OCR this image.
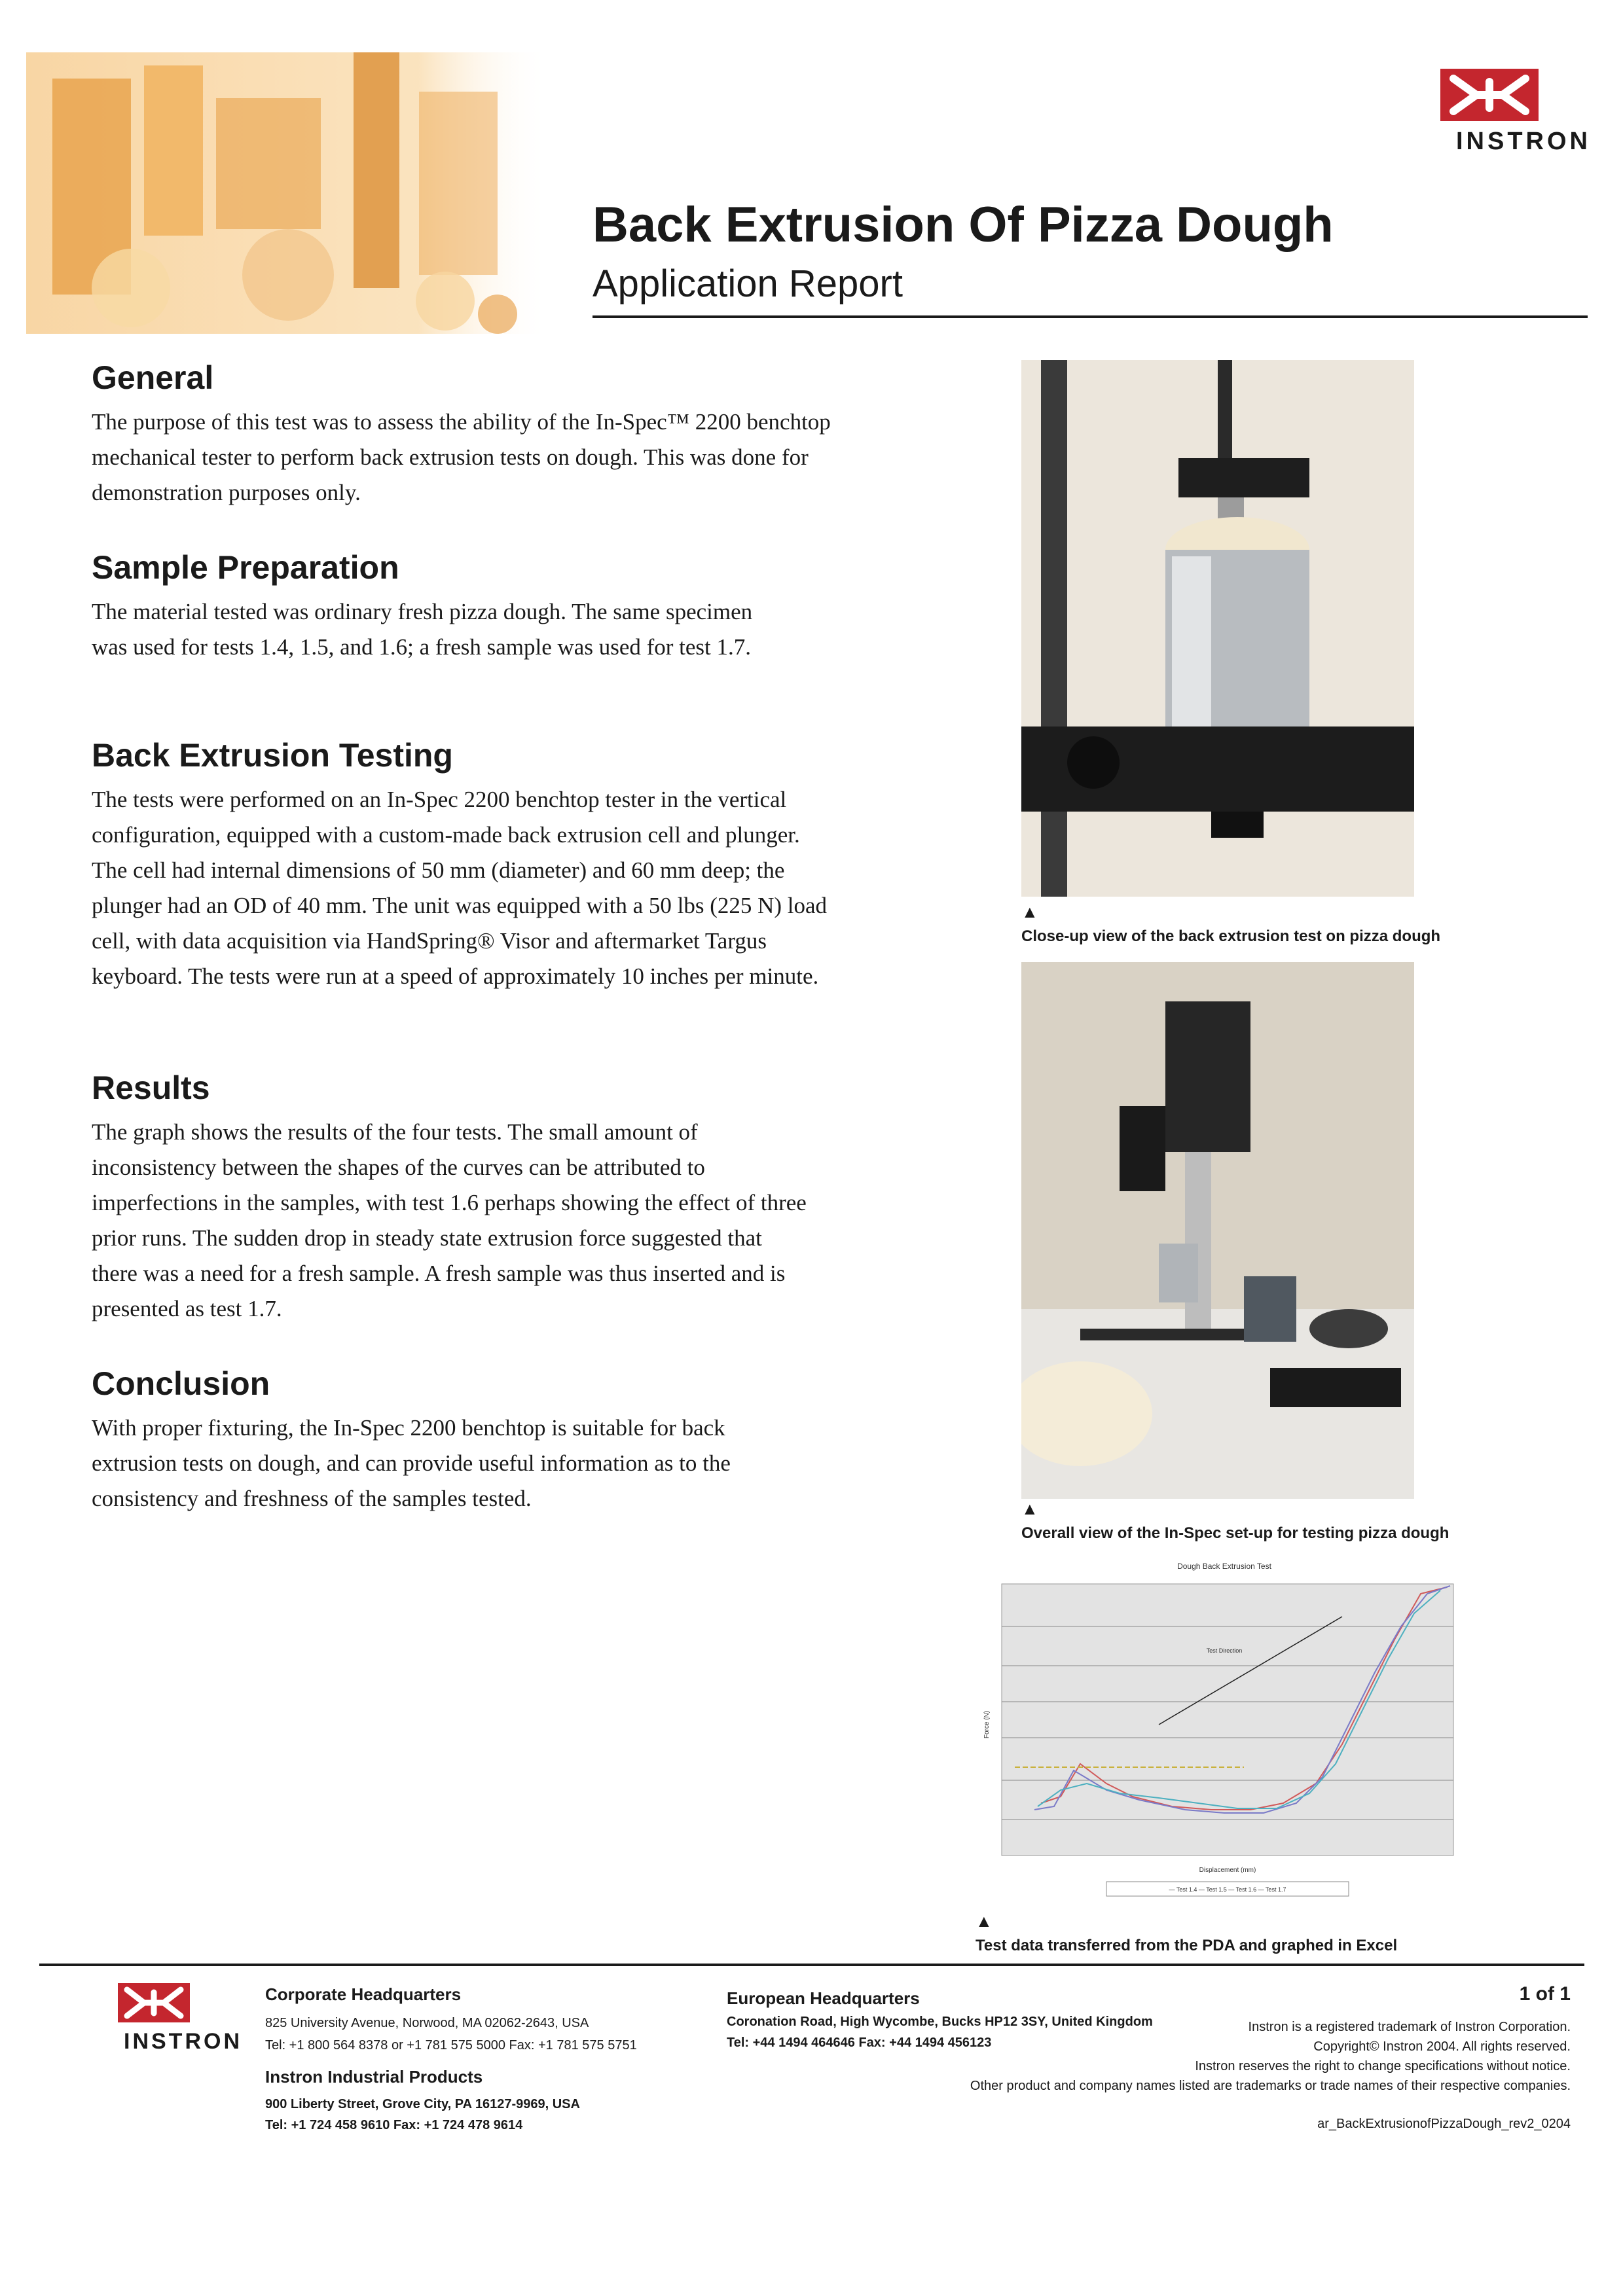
INSTRON
Back Extrusion Of Pizza Dough
Application Report
General
The purpose of this test was to assess the ability of the In-Spec™ 2200 benchtop mechanical tester to perform back extrusion tests on dough. This was done for demonstration purposes only.
Sample Preparation
The material tested was ordinary fresh pizza dough. The same specimen was used for tests 1.4, 1.5, and 1.6; a fresh sample was used for test 1.7.
Back Extrusion Testing
The tests were performed on an In-Spec 2200 benchtop tester in the vertical configuration, equipped with a custom-made back extrusion cell and plunger. The cell had internal dimensions of 50 mm (diameter) and 60 mm deep; the plunger had an OD of 40 mm. The unit was equipped with a 50 lbs (225 N) load cell, with data acquisition via HandSpring® Visor and aftermarket Targus keyboard. The tests were run at a speed of approximately 10 inches per minute.
Results
The graph shows the results of the four tests. The small amount of inconsistency between the shapes of the curves can be attributed to imperfections in the samples, with test 1.6 perhaps showing the effect of three prior runs. The sudden drop in steady state extrusion force suggested that there was a need for a fresh sample. A fresh sample was thus inserted and is presented as test 1.7.
Conclusion
With proper fixturing, the In-Spec 2200 benchtop is suitable for back extrusion tests on dough, and can provide useful information as to the consistency and freshness of the samples tested.
▲
Close-up view of the back extrusion test on pizza dough
▲
Overall view of the In-Spec set-up for testing pizza dough
Dough Back Extrusion Test
Force (N)
Displacement (mm)
Test Direction
— Test 1.4 — Test 1.5 — Test 1.6 — Test 1.7
▲
Test data transferred from the PDA and graphed in Excel
INSTRON
Corporate Headquarters
825 University Avenue, Norwood, MA 02062-2643, USA
Tel: +1 800 564 8378 or +1 781 575 5000 Fax: +1 781 575 5751
Instron Industrial Products
900 Liberty Street, Grove City, PA 16127-9969, USA
Tel: +1 724 458 9610 Fax: +1 724 478 9614
European Headquarters
Coronation Road, High Wycombe, Bucks HP12 3SY, United Kingdom
Tel: +44 1494 464646 Fax: +44 1494 456123
1 of 1
Instron is a registered trademark of Instron Corporation.
Copyright© Instron 2004. All rights reserved.
Instron reserves the right to change specifications without notice.
Other product and company names listed are trademarks or trade names of their respective companies.
ar_BackExtrusionofPizzaDough_rev2_0204
